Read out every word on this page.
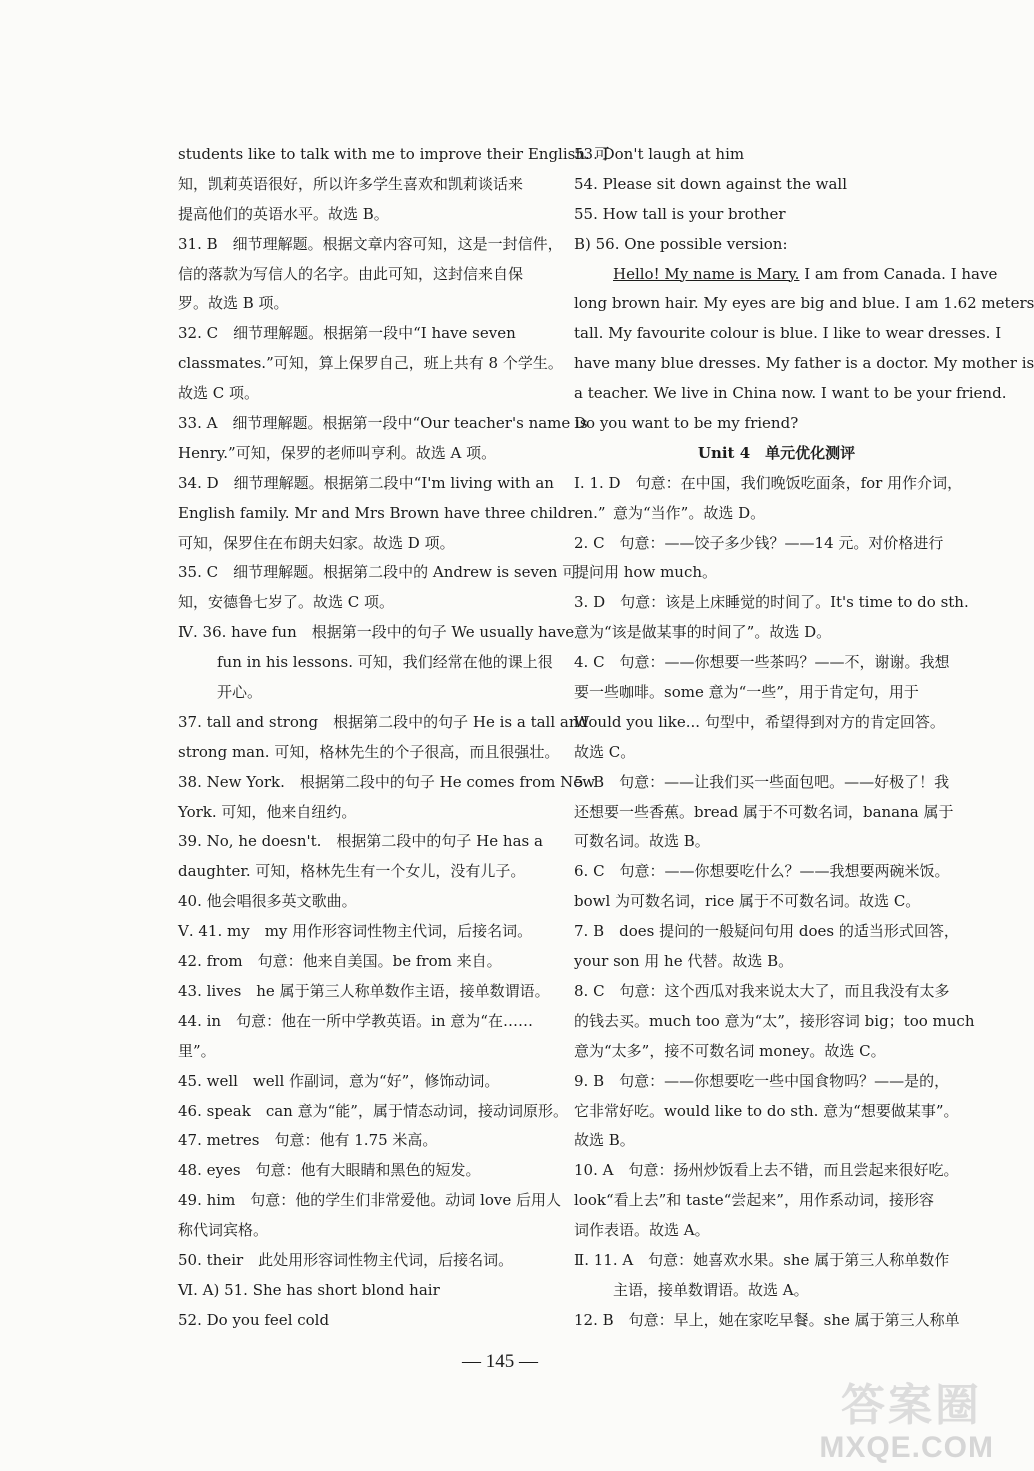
students like to talk with me to improve their English. 可
知，凯莉英语很好，所以许多学生喜欢和凯莉谈话来
提高他们的英语水平。故选 B。
31. B　细节理解题。根据文章内容可知，这是一封信件，
信的落款为写信人的名字。由此可知，这封信来自保
罗。故选 B 项。
32. C　细节理解题。根据第一段中“I have seven
classmates.”可知，算上保罗自己，班上共有 8 个学生。
故选 C 项。
33. A　细节理解题。根据第一段中“Our teacher's name is
Henry.”可知，保罗的老师叫亨利。故选 A 项。
34. D　细节理解题。根据第二段中“I'm living with an
English family. Mr and Mrs Brown have three children.”
可知，保罗住在布朗夫妇家。故选 D 项。
35. C　细节理解题。根据第二段中的 Andrew is seven 可
知，安德鲁七岁了。故选 C 项。
Ⅳ. 36. have fun　根据第一段中的句子 We usually have
fun in his lessons. 可知，我们经常在他的课上很
开心。
37. tall and strong　根据第二段中的句子 He is a tall and
strong man. 可知，格林先生的个子很高，而且很强壮。
38. New York.　根据第二段中的句子 He comes from New
York. 可知，他来自纽约。
39. No, he doesn't.　根据第二段中的句子 He has a
daughter. 可知，格林先生有一个女儿，没有儿子。
40. 他会唱很多英文歌曲。
Ⅴ. 41. my　my 用作形容词性物主代词，后接名词。
42. from　句意：他来自美国。be from 来自。
43. lives　he 属于第三人称单数作主语，接单数谓语。
44. in　句意：他在一所中学教英语。in 意为“在……
里”。
45. well　well 作副词，意为“好”，修饰动词。
46. speak　can 意为“能”，属于情态动词，接动词原形。
47. metres　句意：他有 1.75 米高。
48. eyes　句意：他有大眼睛和黑色的短发。
49. him　句意：他的学生们非常爱他。动词 love 后用人
称代词宾格。
50. their　此处用形容词性物主代词，后接名词。
Ⅵ. A) 51. She has short blond hair
52. Do you feel cold
53. Don't laugh at him
54. Please sit down against the wall
55. How tall is your brother
B) 56. One possible version:
Hello! My name is Mary. I am from Canada. I have
long brown hair. My eyes are big and blue. I am 1.62 meters
tall. My favourite colour is blue. I like to wear dresses. I
have many blue dresses. My father is a doctor. My mother is
a teacher. We live in China now. I want to be your friend.
Do you want to be my friend?
Unit 4　单元优化测评
Ⅰ. 1. D　句意：在中国，我们晚饭吃面条，for 用作介词，
意为“当作”。故选 D。
2. C　句意：——饺子多少钱？——14 元。对价格进行
提问用 how much。
3. D　句意：该是上床睡觉的时间了。It's time to do sth.
意为“该是做某事的时间了”。故选 D。
4. C　句意：——你想要一些茶吗？——不，谢谢。我想
要一些咖啡。some 意为“一些”，用于肯定句，用于
Would you like... 句型中，希望得到对方的肯定回答。
故选 C。
5. B　句意：——让我们买一些面包吧。——好极了！我
还想要一些香蕉。bread 属于不可数名词，banana 属于
可数名词。故选 B。
6. C　句意：——你想要吃什么？——我想要两碗米饭。
bowl 为可数名词，rice 属于不可数名词。故选 C。
7. B　does 提问的一般疑问句用 does 的适当形式回答，
your son 用 he 代替。故选 B。
8. C　句意：这个西瓜对我来说太大了，而且我没有太多
的钱去买。much too 意为“太”，接形容词 big；too much
意为“太多”，接不可数名词 money。故选 C。
9. B　句意：——你想要吃一些中国食物吗？——是的，
它非常好吃。would like to do sth. 意为“想要做某事”。
故选 B。
10. A　句意：扬州炒饭看上去不错，而且尝起来很好吃。
look“看上去”和 taste“尝起来”，用作系动词，接形容
词作表语。故选 A。
Ⅱ. 11. A　句意：她喜欢水果。she 属于第三人称单数作
主语，接单数谓语。故选 A。
12. B　句意：早上，她在家吃早餐。she 属于第三人称单
— 145 —
答案圈
MXQE.COM
